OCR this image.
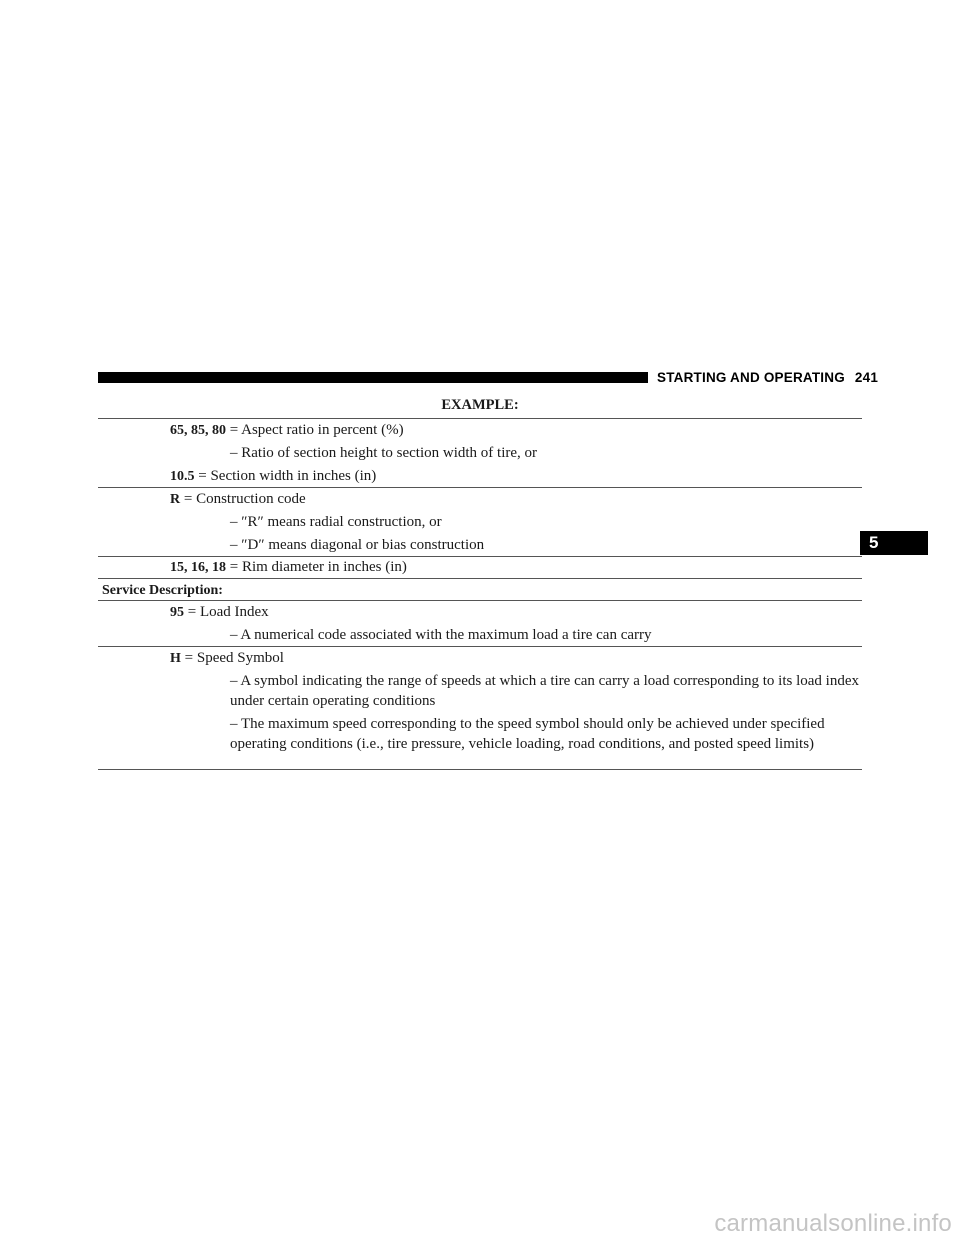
STARTING AND OPERATING 241
5
EXAMPLE:
65, 85, 80 = Aspect ratio in percent (%)
– Ratio of section height to section width of tire, or
10.5 = Section width in inches (in)
R = Construction code
– ″R″ means radial construction, or
– ″D″ means diagonal or bias construction
15, 16, 18 = Rim diameter in inches (in)
Service Description:
95 = Load Index
– A numerical code associated with the maximum load a tire can carry
H = Speed Symbol
– A symbol indicating the range of speeds at which a tire can carry a load corresponding to its load index under certain operating conditions
– The maximum speed corresponding to the speed symbol should only be achieved under specified operating conditions (i.e., tire pressure, vehicle loading, road conditions, and posted speed limits)
carmanualsonline.info
